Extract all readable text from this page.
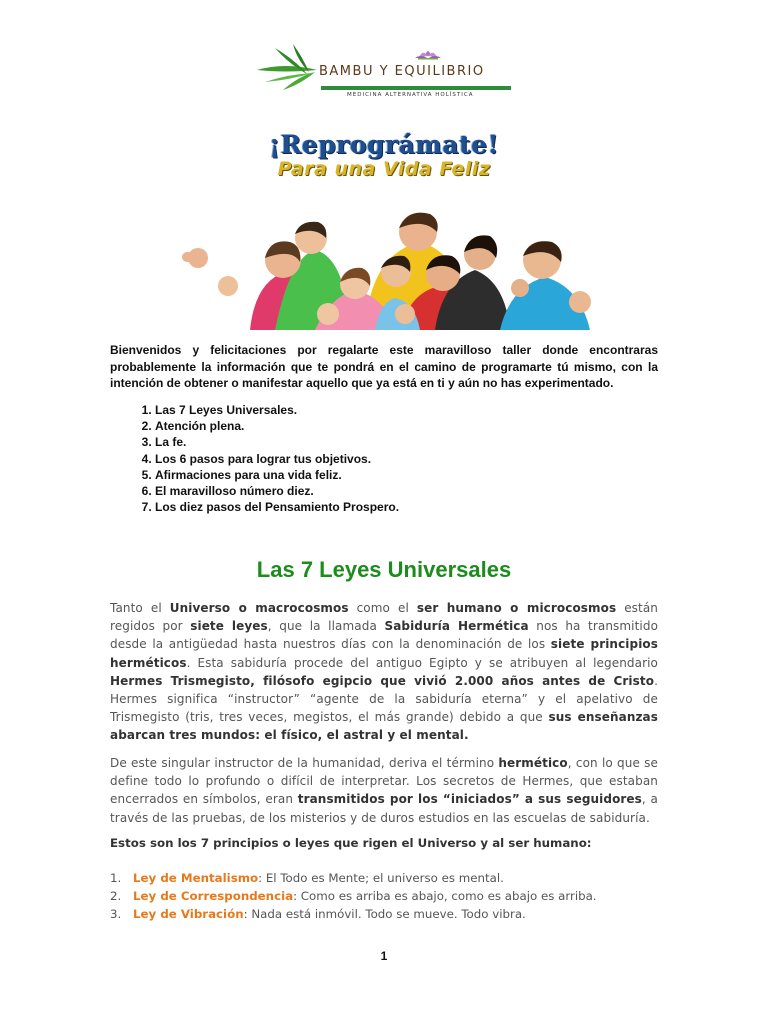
BAMBU Y EQUILIBRIO
MEDICINA ALTERNATIVA HOLÍSTICA
¡Reprográmate!
Para una Vida Feliz

Bienvenidos y felicitaciones por regalarte este maravilloso taller donde encontraras probablemente la información que te pondrá en el camino de programarte tú mismo, con la intención de obtener o manifestar aquello que ya está en ti y aún no has experimentado.

1. Las 7 Leyes Universales.
2. Atención plena.
3. La fe.
4. Los 6 pasos para lograr tus objetivos.
5. Afirmaciones para una vida feliz.
6. El maravilloso número diez.
7. Los diez pasos del Pensamiento Prospero.
Las 7 Leyes Universales

Tanto el Universo o macrocosmos como el ser humano o microcosmos están regidos por siete leyes, que la llamada Sabiduría Hermética nos ha transmitido desde la antigüedad hasta nuestros días con la denominación de los siete principios herméticos. Esta sabiduría procede del antiguo Egipto y se atribuyen al legendario Hermes Trismegisto, filósofo egipcio que vivió 2.000 años antes de Cristo. Hermes significa “instructor” “agente de la sabiduría eterna” y el apelativo de Trismegisto (tris, tres veces, megistos, el más grande) debido a que sus enseñanzas abarcan tres mundos: el físico, el astral y el mental.

De este singular instructor de la humanidad, deriva el término hermético, con lo que se define todo lo profundo o difícil de interpretar. Los secretos de Hermes, que estaban encerrados en símbolos, eran transmitidos por los “iniciados” a sus seguidores, a través de las pruebas, de los misterios y de duros estudios en las escuelas de sabiduría.

Estos son los 7 principios o leyes que rigen el Universo y al ser humano:

1. Ley de Mentalismo: El Todo es Mente; el universo es mental.
2. Ley de Correspondencia: Como es arriba es abajo, como es abajo es arriba.
3. Ley de Vibración: Nada está inmóvil. Todo se mueve. Todo vibra.
1
